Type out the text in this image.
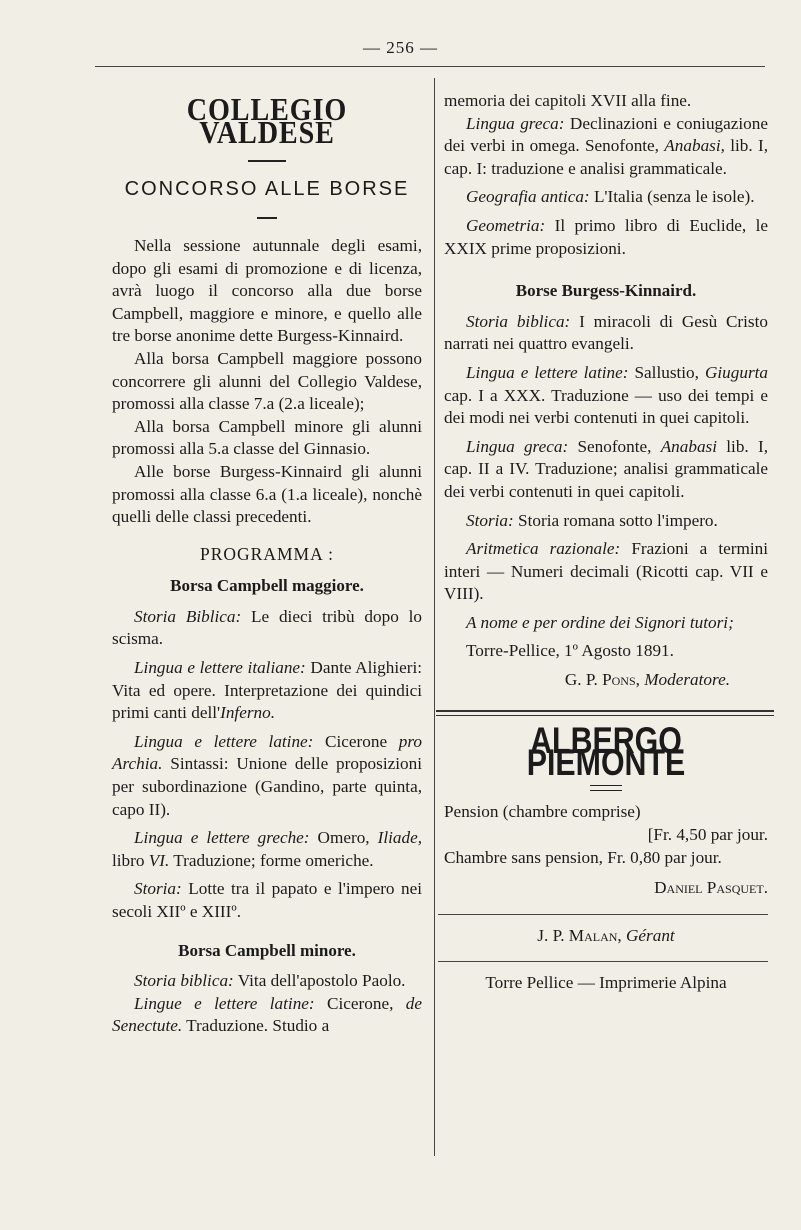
— 256 —
COLLEGIO VALDESE
CONCORSO ALLE BORSE

Nella sessione autunnale degli esami, dopo gli esami di promozione e di licenza, avrà luogo il concorso alla due borse Campbell, maggiore e minore, e quello alle tre borse anonime dette Burgess-Kinnaird.

Alla borsa Campbell maggiore possono concorrere gli alunni del Collegio Valdese, promossi alla classe 7.a (2.a liceale);

Alla borsa Campbell minore gli alunni promossi alla 5.a classe del Ginnasio.

Alle borse Burgess-Kinnaird gli alunni promossi alla classe 6.a (1.a liceale), nonchè quelli delle classi precedenti.

PROGRAMMA :
Borsa Campbell maggiore.

Storia Biblica: Le dieci tribù dopo lo scisma.

Lingua e lettere italiane: Dante Alighieri: Vita ed opere. Interpretazione dei quindici primi canti dell'Inferno.

Lingua e lettere latine: Cicerone pro Archia. Sintassi: Unione delle proposizioni per subordinazione (Gandino, parte quinta, capo II).

Lingua e lettere greche: Omero, Iliade, libro VI. Traduzione; forme omeriche.

Storia: Lotte tra il papato e l'impero nei secoli XIIº e XIIIº.

Borsa Campbell minore.

Storia biblica: Vita dell'apostolo Paolo.

Lingue e lettere latine: Cicerone, de Senectute. Traduzione. Studio a

memoria dei capitoli XVII alla fine.

Lingua greca: Declinazioni e coniugazione dei verbi in omega. Senofonte, Anabasi, lib. I, cap. I: traduzione e analisi grammaticale.

Geografia antica: L'Italia (senza le isole).

Geometria: Il primo libro di Euclide, le XXIX prime proposizioni.

Borse Burgess-Kinnaird.

Storia biblica: I miracoli di Gesù Cristo narrati nei quattro evangeli.

Lingua e lettere latine: Sallustio, Giugurta cap. I a XXX. Traduzione — uso dei tempi e dei modi nei verbi contenuti in quei capitoli.

Lingua greca: Senofonte, Anabasi lib. I, cap. II a IV. Traduzione; analisi grammaticale dei verbi contenuti in quei capitoli.

Storia: Storia romana sotto l'impero.

Aritmetica razionale: Frazioni a termini interi — Numeri decimali (Ricotti cap. VII e VIII).

A nome e per ordine dei Signori tutori;

Torre-Pellice, 1º Agosto 1891.

G. P. Pons, Moderatore.

ALBERGO PIEMONTE

Pension (chambre comprise)

[Fr. 4,50 par jour.

Chambre sans pension, Fr. 0,80 par jour.

Daniel Pasquet.

J. P. Malan, Gérant

Torre Pellice — Imprimerie Alpina
